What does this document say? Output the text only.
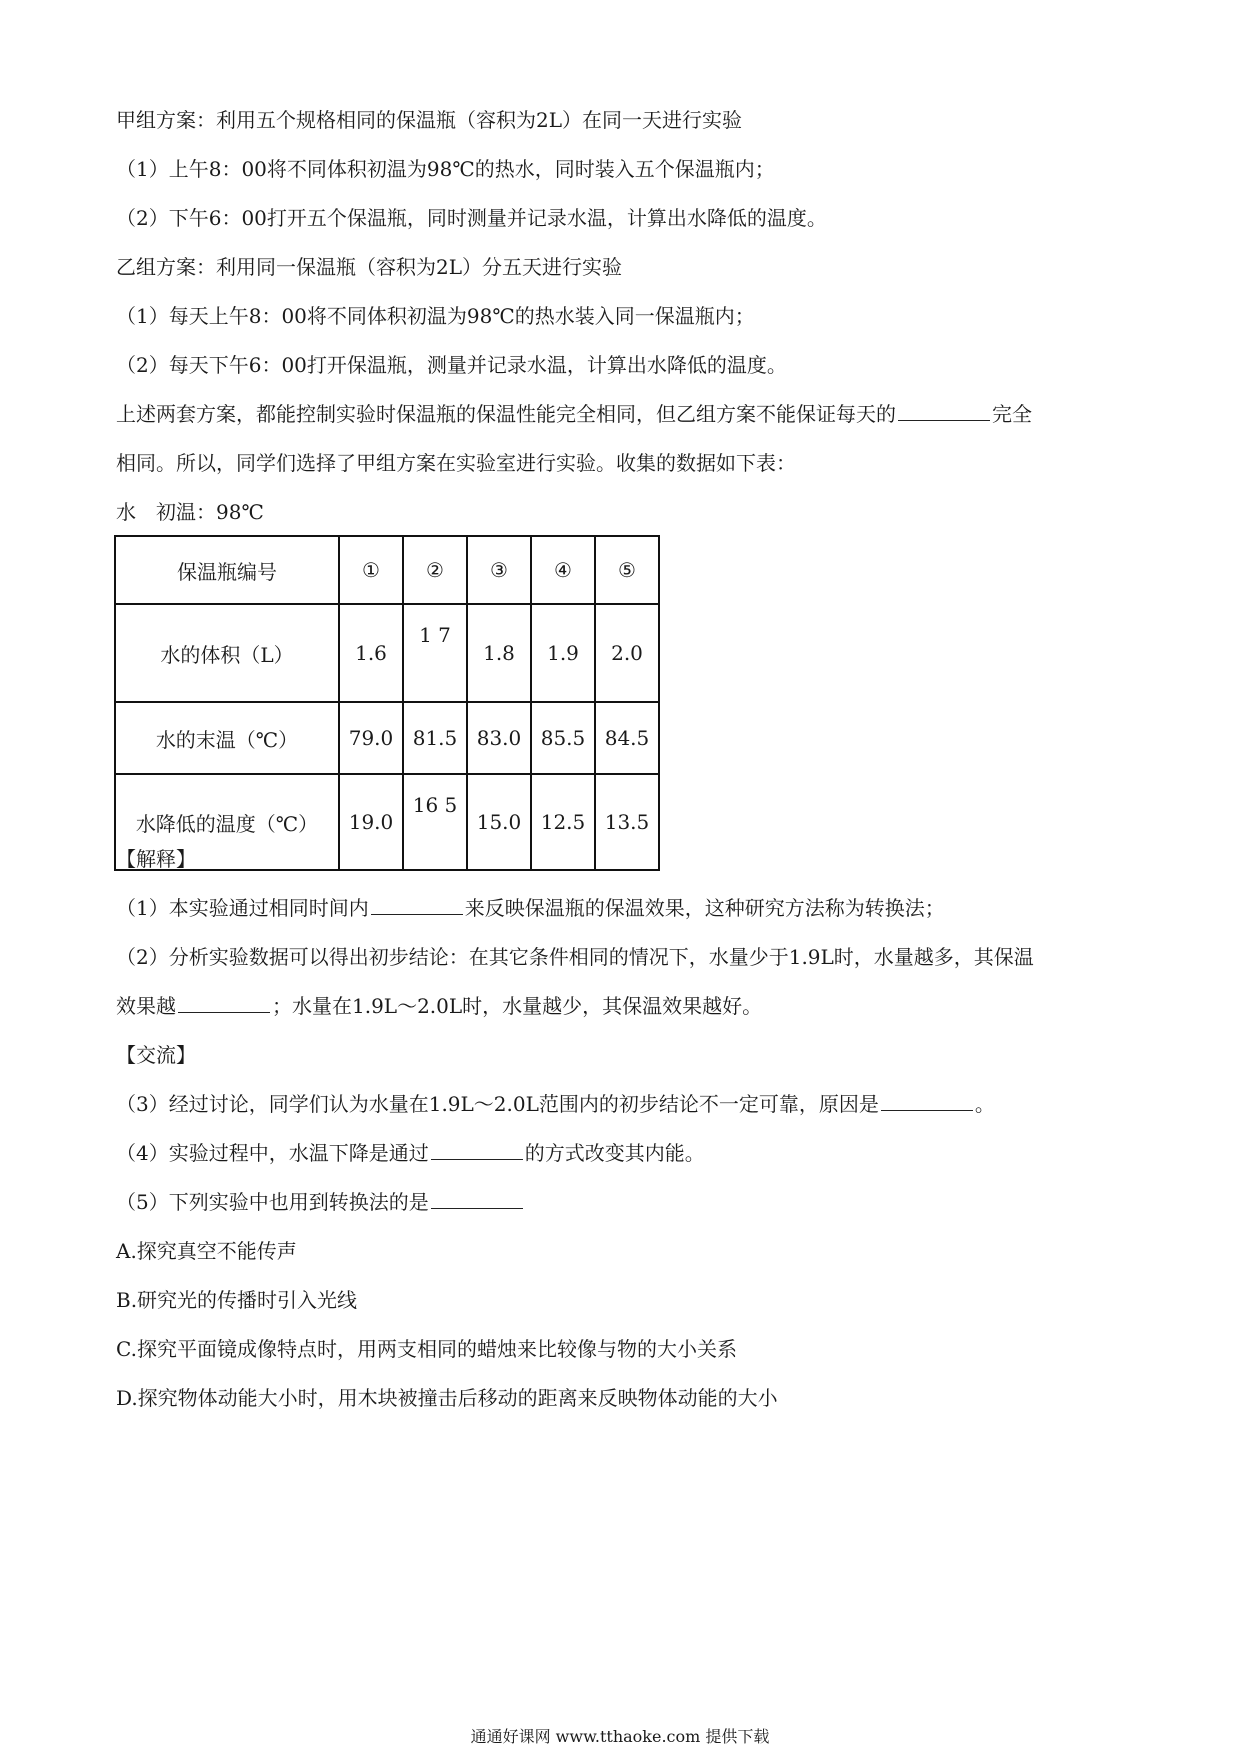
甲组方案：利用五个规格相同的保温瓶（容积为2L）在同一天进行实验
（1）上午8：00将不同体积初温为98℃的热水，同时装入五个保温瓶内；
（2）下午6：00打开五个保温瓶，同时测量并记录水温，计算出水降低的温度。
乙组方案：利用同一保温瓶（容积为2L）分五天进行实验
（1）每天上午8：00将不同体积初温为98℃的热水装入同一保温瓶内；
（2）每天下午6：00打开保温瓶，测量并记录水温，计算出水降低的温度。
上述两套方案，都能控制实验时保温瓶的保温性能完全相同，但乙组方案不能保证每天的	完全
相同。所以，同学们选择了甲组方案在实验室进行实验。收集的数据如下表：
水　初温：98℃
保温瓶编号	①	②	③	④	⑤
水的体积（L）	1.6	1 7	1.8	1.9	2.0
水的末温（℃）	79.0	81.5	83.0	85.5	84.5
水降低的温度（℃）	19.0	16 5	15.0	12.5	13.5
【解释】
（1）本实验通过相同时间内	来反映保温瓶的保温效果，这种研究方法称为转换法；
（2）分析实验数据可以得出初步结论：在其它条件相同的情况下，水量少于1.9L时，水量越多，其保温
效果越	；水量在1.9L～2.0L时，水量越少，其保温效果越好。
【交流】
（3）经过讨论，同学们认为水量在1.9L～2.0L范围内的初步结论不一定可靠，原因是	。
（4）实验过程中，水温下降是通过	的方式改变其内能。
（5）下列实验中也用到转换法的是
A.探究真空不能传声
B.研究光的传播时引入光线
C.探究平面镜成像特点时，用两支相同的蜡烛来比较像与物的大小关系
D.探究物体动能大小时，用木块被撞击后移动的距离来反映物体动能的大小
通通好课网 www.tthaoke.com 提供下载
